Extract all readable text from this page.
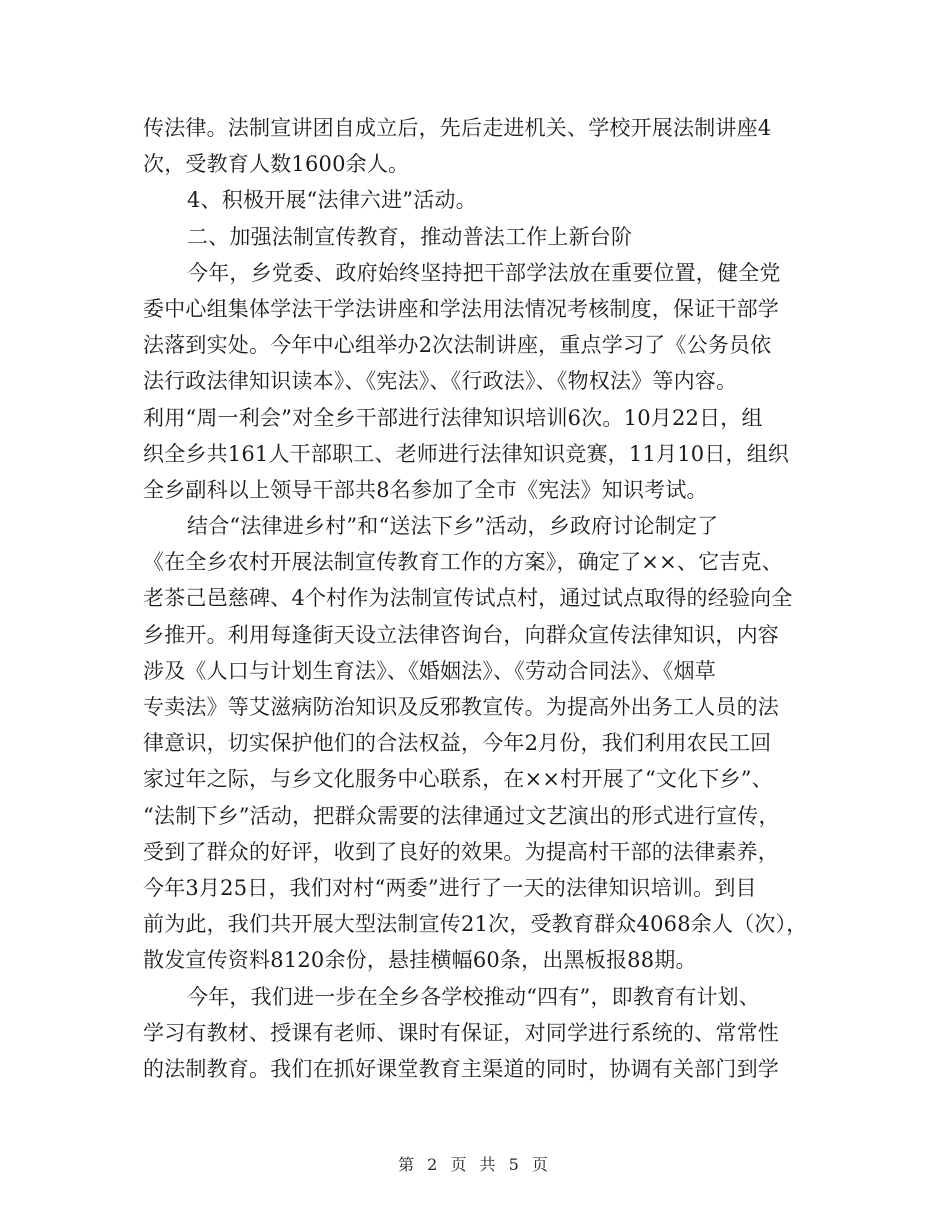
传法律。法制宣讲团自成立后，先后走进机关、学校开展法制讲座4
次，受教育人数1600余人。
4、积极开展“法律六进”活动。
二、加强法制宣传教育，推动普法工作上新台阶
今年，乡党委、政府始终坚持把干部学法放在重要位置，健全党
委中心组集体学法干学法讲座和学法用法情况考核制度，保证干部学
法落到实处。今年中心组举办2次法制讲座，重点学习了《公务员依
法行政法律知识读本》、《宪法》、《行政法》、《物权法》等内容。
利用“周一利会”对全乡干部进行法律知识培训6次。10月22日，组
织全乡共161人干部职工、老师进行法律知识竞赛，11月10日，组织
全乡副科以上领导干部共8名参加了全市《宪法》知识考试。
结合“法律进乡村”和“送法下乡”活动，乡政府讨论制定了
《在全乡农村开展法制宣传教育工作的方案》，确定了××、它吉克、
老茶己邑慈碑、4个村作为法制宣传试点村，通过试点取得的经验向全
乡推开。利用每逢街天设立法律咨询台，向群众宣传法律知识，内容
涉及《人口与计划生育法》、《婚姻法》、《劳动合同法》、《烟草
专卖法》等艾滋病防治知识及反邪教宣传。为提高外出务工人员的法
律意识，切实保护他们的合法权益，今年2月份，我们利用农民工回
家过年之际，与乡文化服务中心联系，在××村开展了“文化下乡”、
“法制下乡”活动，把群众需要的法律通过文艺演出的形式进行宣传，
受到了群众的好评，收到了良好的效果。为提高村干部的法律素养，
今年3月25日，我们对村“两委”进行了一天的法律知识培训。到目
前为此，我们共开展大型法制宣传21次，受教育群众4068余人（次），
散发宣传资料8120余份，悬挂横幅60条，出黑板报88期。
今年，我们进一步在全乡各学校推动“四有”，即教育有计划、
学习有教材、授课有老师、课时有保证，对同学进行系统的、常常性
的法制教育。我们在抓好课堂教育主渠道的同时，协调有关部门到学
第 2 页 共 5 页
